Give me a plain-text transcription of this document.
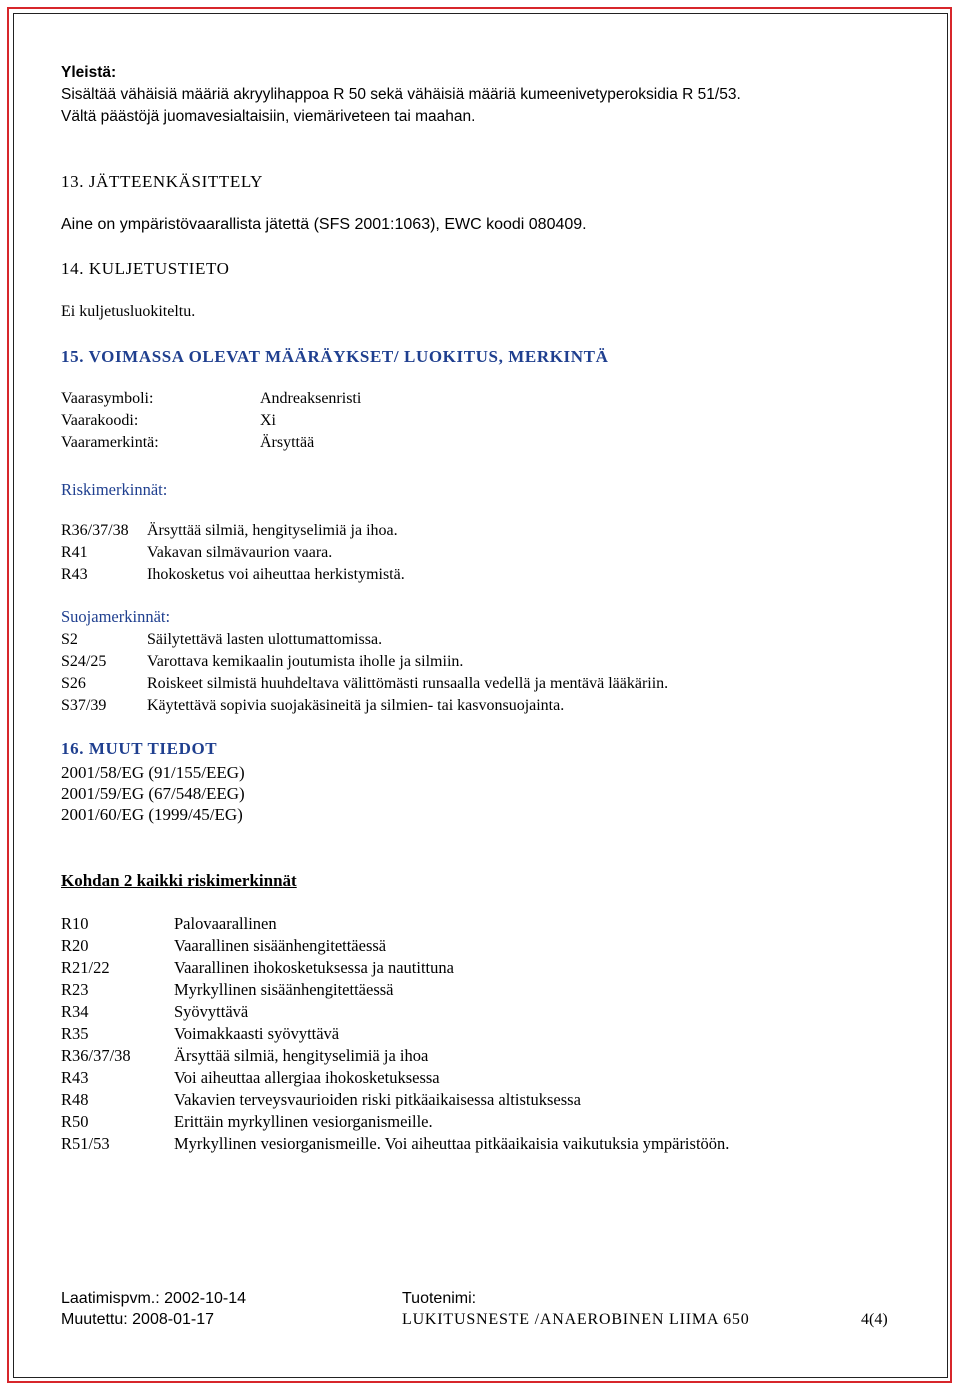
Yleistä:
Sisältää vähäisiä määriä akryylihappoa R 50 sekä vähäisiä määriä kumeenivetyperoksidia R 51/53.
Vältä päästöjä juomavesialtaisiin, viemäriveteen tai maahan.
13. JÄTTEENKÄSITTELY
Aine on ympäristövaarallista jätettä (SFS 2001:1063), EWC koodi 080409.
14. KULJETUSTIETO
Ei kuljetusluokiteltu.
15. VOIMASSA OLEVAT MÄÄRÄYKSET/ LUOKITUS, MERKINTÄ
Vaarasymboli:	Andreaksenristi
Vaarakoodi:	Xi
Vaaramerkintä:	Ärsyttää
Riskimerkinnät:
R36/37/38 Ärsyttää silmiä, hengityselimiä ja ihoa.
R41	Vakavan silmävaurion vaara.
R43	Ihokosketus voi aiheuttaa herkistymistä.
Suojamerkinnät:
S2	Säilytettävä lasten ulottumattomissa.
S24/25	Varottava kemikaalin joutumista iholle ja silmiin.
S26	Roiskeet silmistä huuhdeltava välittömästi runsaalla vedellä ja mentävä lääkäriin.
S37/39	Käytettävä sopivia suojakäsineitä ja silmien- tai kasvonsuojainta.
16. MUUT TIEDOT
2001/58/EG (91/155/EEG)
2001/59/EG (67/548/EEG)
2001/60/EG (1999/45/EG)
Kohdan 2 kaikki riskimerkinnät
R10	Palovaarallinen
R20	Vaarallinen sisäänhengitettäessä
R21/22	Vaarallinen ihokosketuksessa ja nautittuna
R23	Myrkyllinen sisäänhengitettäessä
R34	Syövyttävä
R35	Voimakkaasti syövyttävä
R36/37/38	Ärsyttää silmiä, hengityselimiä ja ihoa
R43	Voi aiheuttaa allergiaa ihokosketuksessa
R48	Vakavien terveysvaurioiden riski pitkäaikaisessa altistuksessa
R50	Erittäin myrkyllinen vesiorganismeille.
R51/53	Myrkyllinen vesiorganismeille. Voi aiheuttaa pitkäaikaisia vaikutuksia ympäristöön.
Laatimispvm.: 2002-10-14
Muutettu: 2008-01-17
Tuotenimi:
LUKITUSNESTE /ANAEROBINEN LIIMA 650	4(4)
